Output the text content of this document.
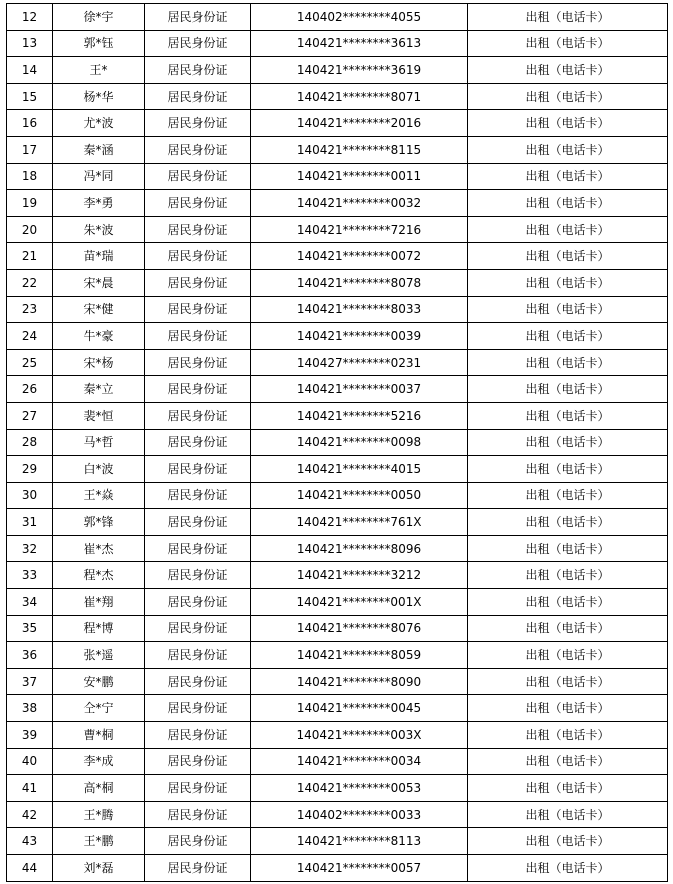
12	徐*宇	居民身份证	140402********4055	出租（电话卡）
13	郭*钰	居民身份证	140421********3613	出租（电话卡）
14	王*	居民身份证	140421********3619	出租（电话卡）
15	杨*华	居民身份证	140421********8071	出租（电话卡）
16	尤*波	居民身份证	140421********2016	出租（电话卡）
17	秦*涵	居民身份证	140421********8115	出租（电话卡）
18	冯*同	居民身份证	140421********0011	出租（电话卡）
19	李*勇	居民身份证	140421********0032	出租（电话卡）
20	朱*波	居民身份证	140421********7216	出租（电话卡）
21	苗*瑞	居民身份证	140421********0072	出租（电话卡）
22	宋*晨	居民身份证	140421********8078	出租（电话卡）
23	宋*健	居民身份证	140421********8033	出租（电话卡）
24	牛*豪	居民身份证	140421********0039	出租（电话卡）
25	宋*杨	居民身份证	140427********0231	出租（电话卡）
26	秦*立	居民身份证	140421********0037	出租（电话卡）
27	裴*恒	居民身份证	140421********5216	出租（电话卡）
28	马*哲	居民身份证	140421********0098	出租（电话卡）
29	白*波	居民身份证	140421********4015	出租（电话卡）
30	王*焱	居民身份证	140421********0050	出租（电话卡）
31	郭*锋	居民身份证	140421********761X	出租（电话卡）
32	崔*杰	居民身份证	140421********8096	出租（电话卡）
33	程*杰	居民身份证	140421********3212	出租（电话卡）
34	崔*翔	居民身份证	140421********001X	出租（电话卡）
35	程*博	居民身份证	140421********8076	出租（电话卡）
36	张*遥	居民身份证	140421********8059	出租（电话卡）
37	安*鹏	居民身份证	140421********8090	出租（电话卡）
38	仝*宁	居民身份证	140421********0045	出租（电话卡）
39	曹*桐	居民身份证	140421********003X	出租（电话卡）
40	李*成	居民身份证	140421********0034	出租（电话卡）
41	高*桐	居民身份证	140421********0053	出租（电话卡）
42	王*腾	居民身份证	140402********0033	出租（电话卡）
43	王*鹏	居民身份证	140421********8113	出租（电话卡）
44	刘*磊	居民身份证	140421********0057	出租（电话卡）
